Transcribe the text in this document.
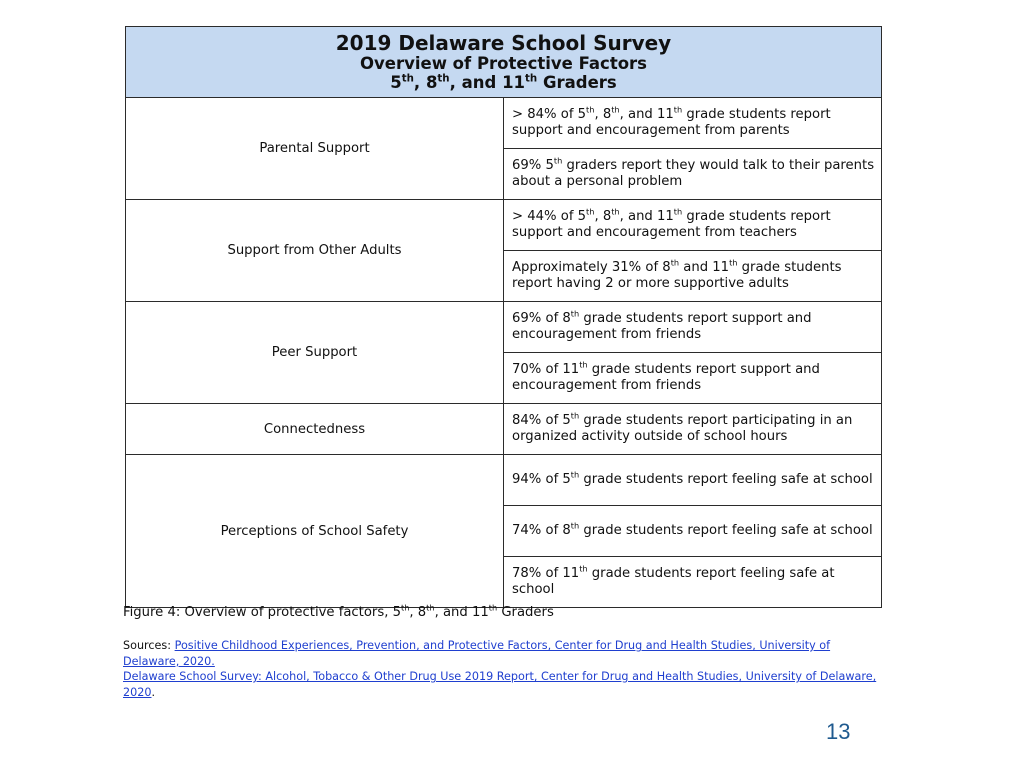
2019 Delaware School Survey
Overview of Protective Factors
5th, 8th, and 11th Graders	

Parental Support	> 84% of 5th, 8th, and 11th grade students report support and encouragement from parents
	69% 5th graders report they would talk to their parents about a personal problem
Support from Other Adults	> 44% of 5th, 8th, and 11th grade students report support and encouragement from teachers
	Approximately 31% of 8th and 11th grade students report having 2 or more supportive adults
Peer Support	69% of 8th grade students report support and encouragement from friends
	70% of 11th grade students report support and encouragement from friends
Connectedness	84% of 5th grade students report participating in an organized activity outside of school hours
Perceptions of School Safety	94% of 5th grade students report feeling safe at school
	74% of 8th grade students report feeling safe at school
	78% of 11th grade students report feeling safe at school

Figure 4: Overview of protective factors, 5th, 8th, and 11th Graders

Sources: Positive Childhood Experiences, Prevention, and Protective Factors, Center for Drug and Health Studies, University of Delaware, 2020.
Delaware School Survey: Alcohol, Tobacco & Other Drug Use 2019 Report, Center for Drug and Health Studies, University of Delaware, 2020.
13
